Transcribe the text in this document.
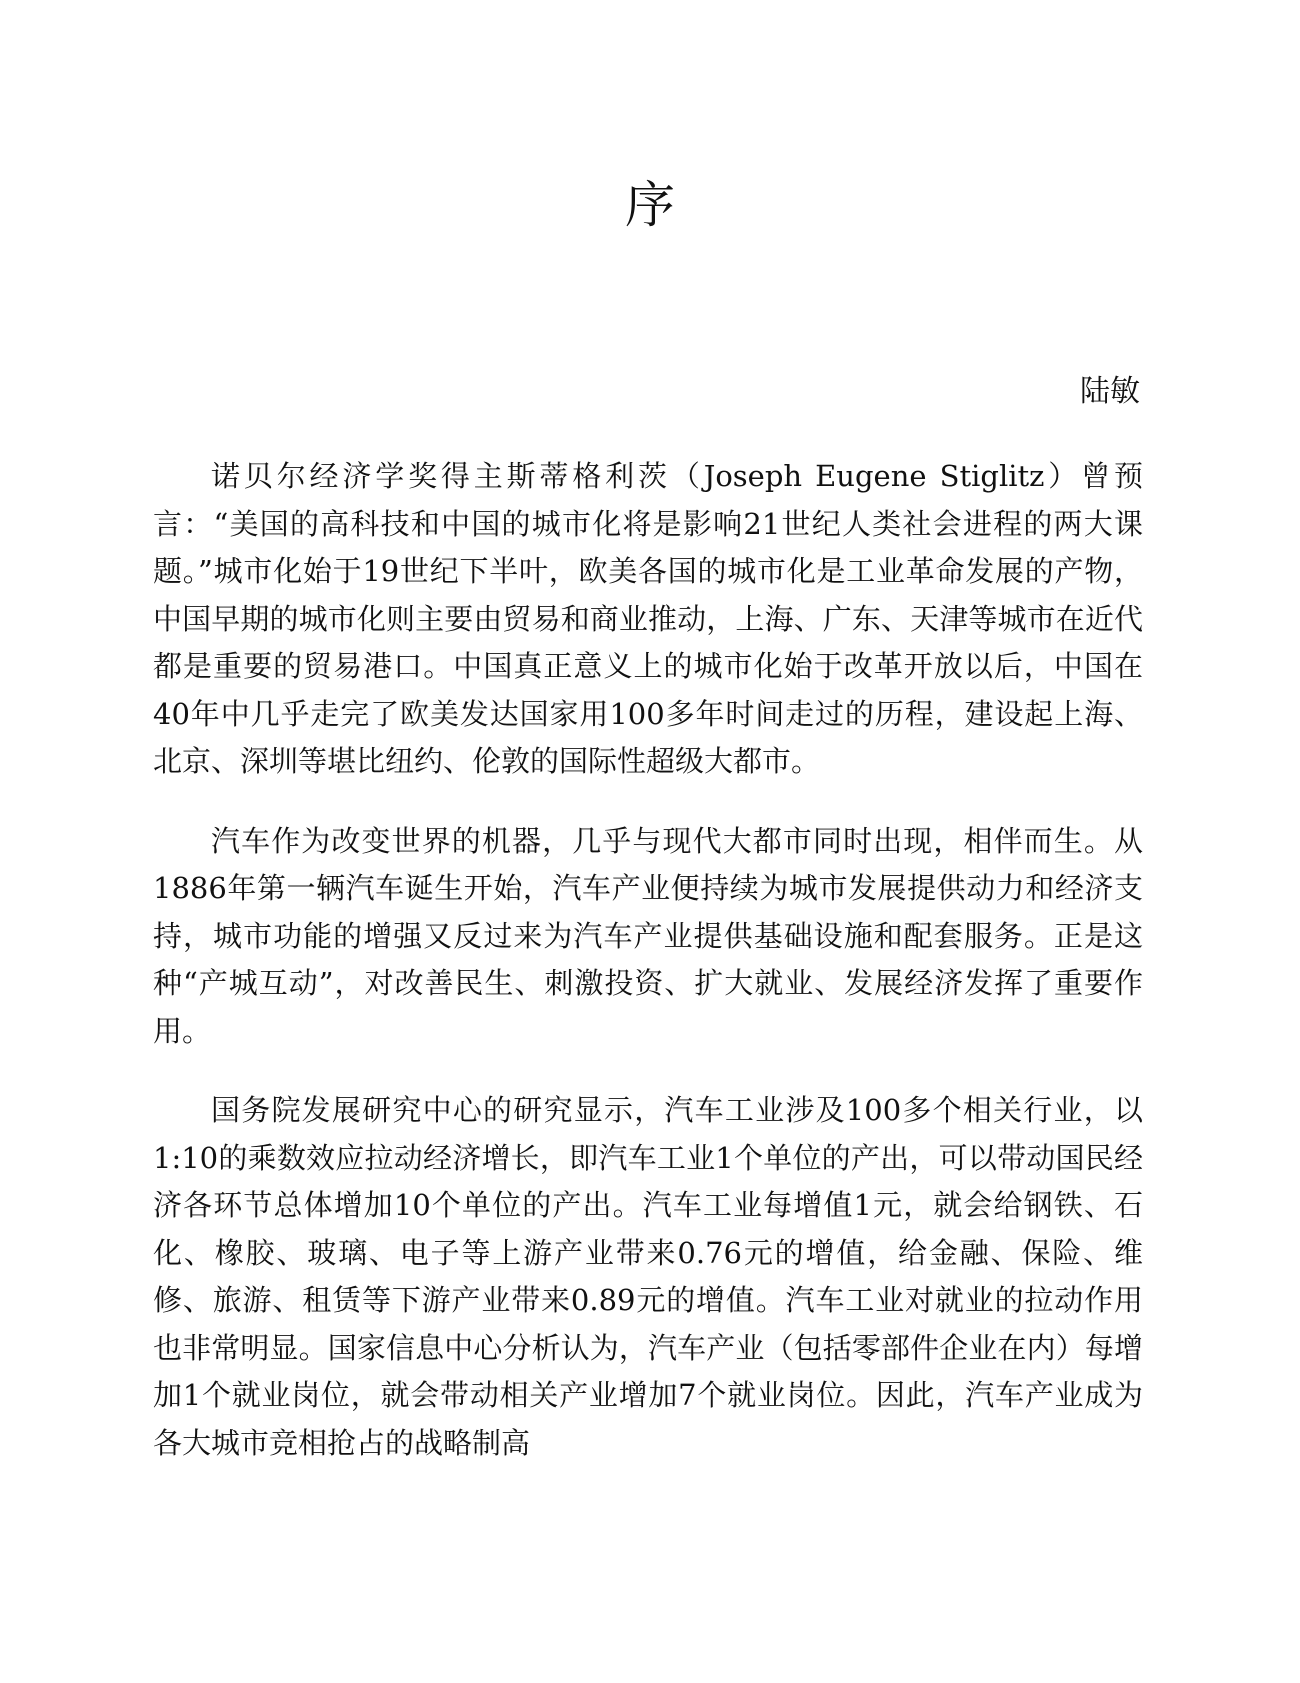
序

陆敏

诺贝尔经济学奖得主斯蒂格利茨（Joseph Eugene Stiglitz）曾预言：“美国的高科技和中国的城市化将是影响21世纪人类社会进程的两大课题。”城市化始于19世纪下半叶，欧美各国的城市化是工业革命发展的产物，中国早期的城市化则主要由贸易和商业推动，上海、广东、天津等城市在近代都是重要的贸易港口。中国真正意义上的城市化始于改革开放以后，中国在40年中几乎走完了欧美发达国家用100多年时间走过的历程，建设起上海、北京、深圳等堪比纽约、伦敦的国际性超级大都市。

汽车作为改变世界的机器，几乎与现代大都市同时出现，相伴而生。从1886年第一辆汽车诞生开始，汽车产业便持续为城市发展提供动力和经济支持，城市功能的增强又反过来为汽车产业提供基础设施和配套服务。正是这种“产城互动”，对改善民生、刺激投资、扩大就业、发展经济发挥了重要作用。

国务院发展研究中心的研究显示，汽车工业涉及100多个相关行业，以1:10的乘数效应拉动经济增长，即汽车工业1个单位的产出，可以带动国民经济各环节总体增加10个单位的产出。汽车工业每增值1元，就会给钢铁、石化、橡胶、玻璃、电子等上游产业带来0.76元的增值，给金融、保险、维修、旅游、租赁等下游产业带来0.89元的增值。汽车工业对就业的拉动作用也非常明显。国家信息中心分析认为，汽车产业（包括零部件企业在内）每增加1个就业岗位，就会带动相关产业增加7个就业岗位。因此，汽车产业成为各大城市竞相抢占的战略制高
